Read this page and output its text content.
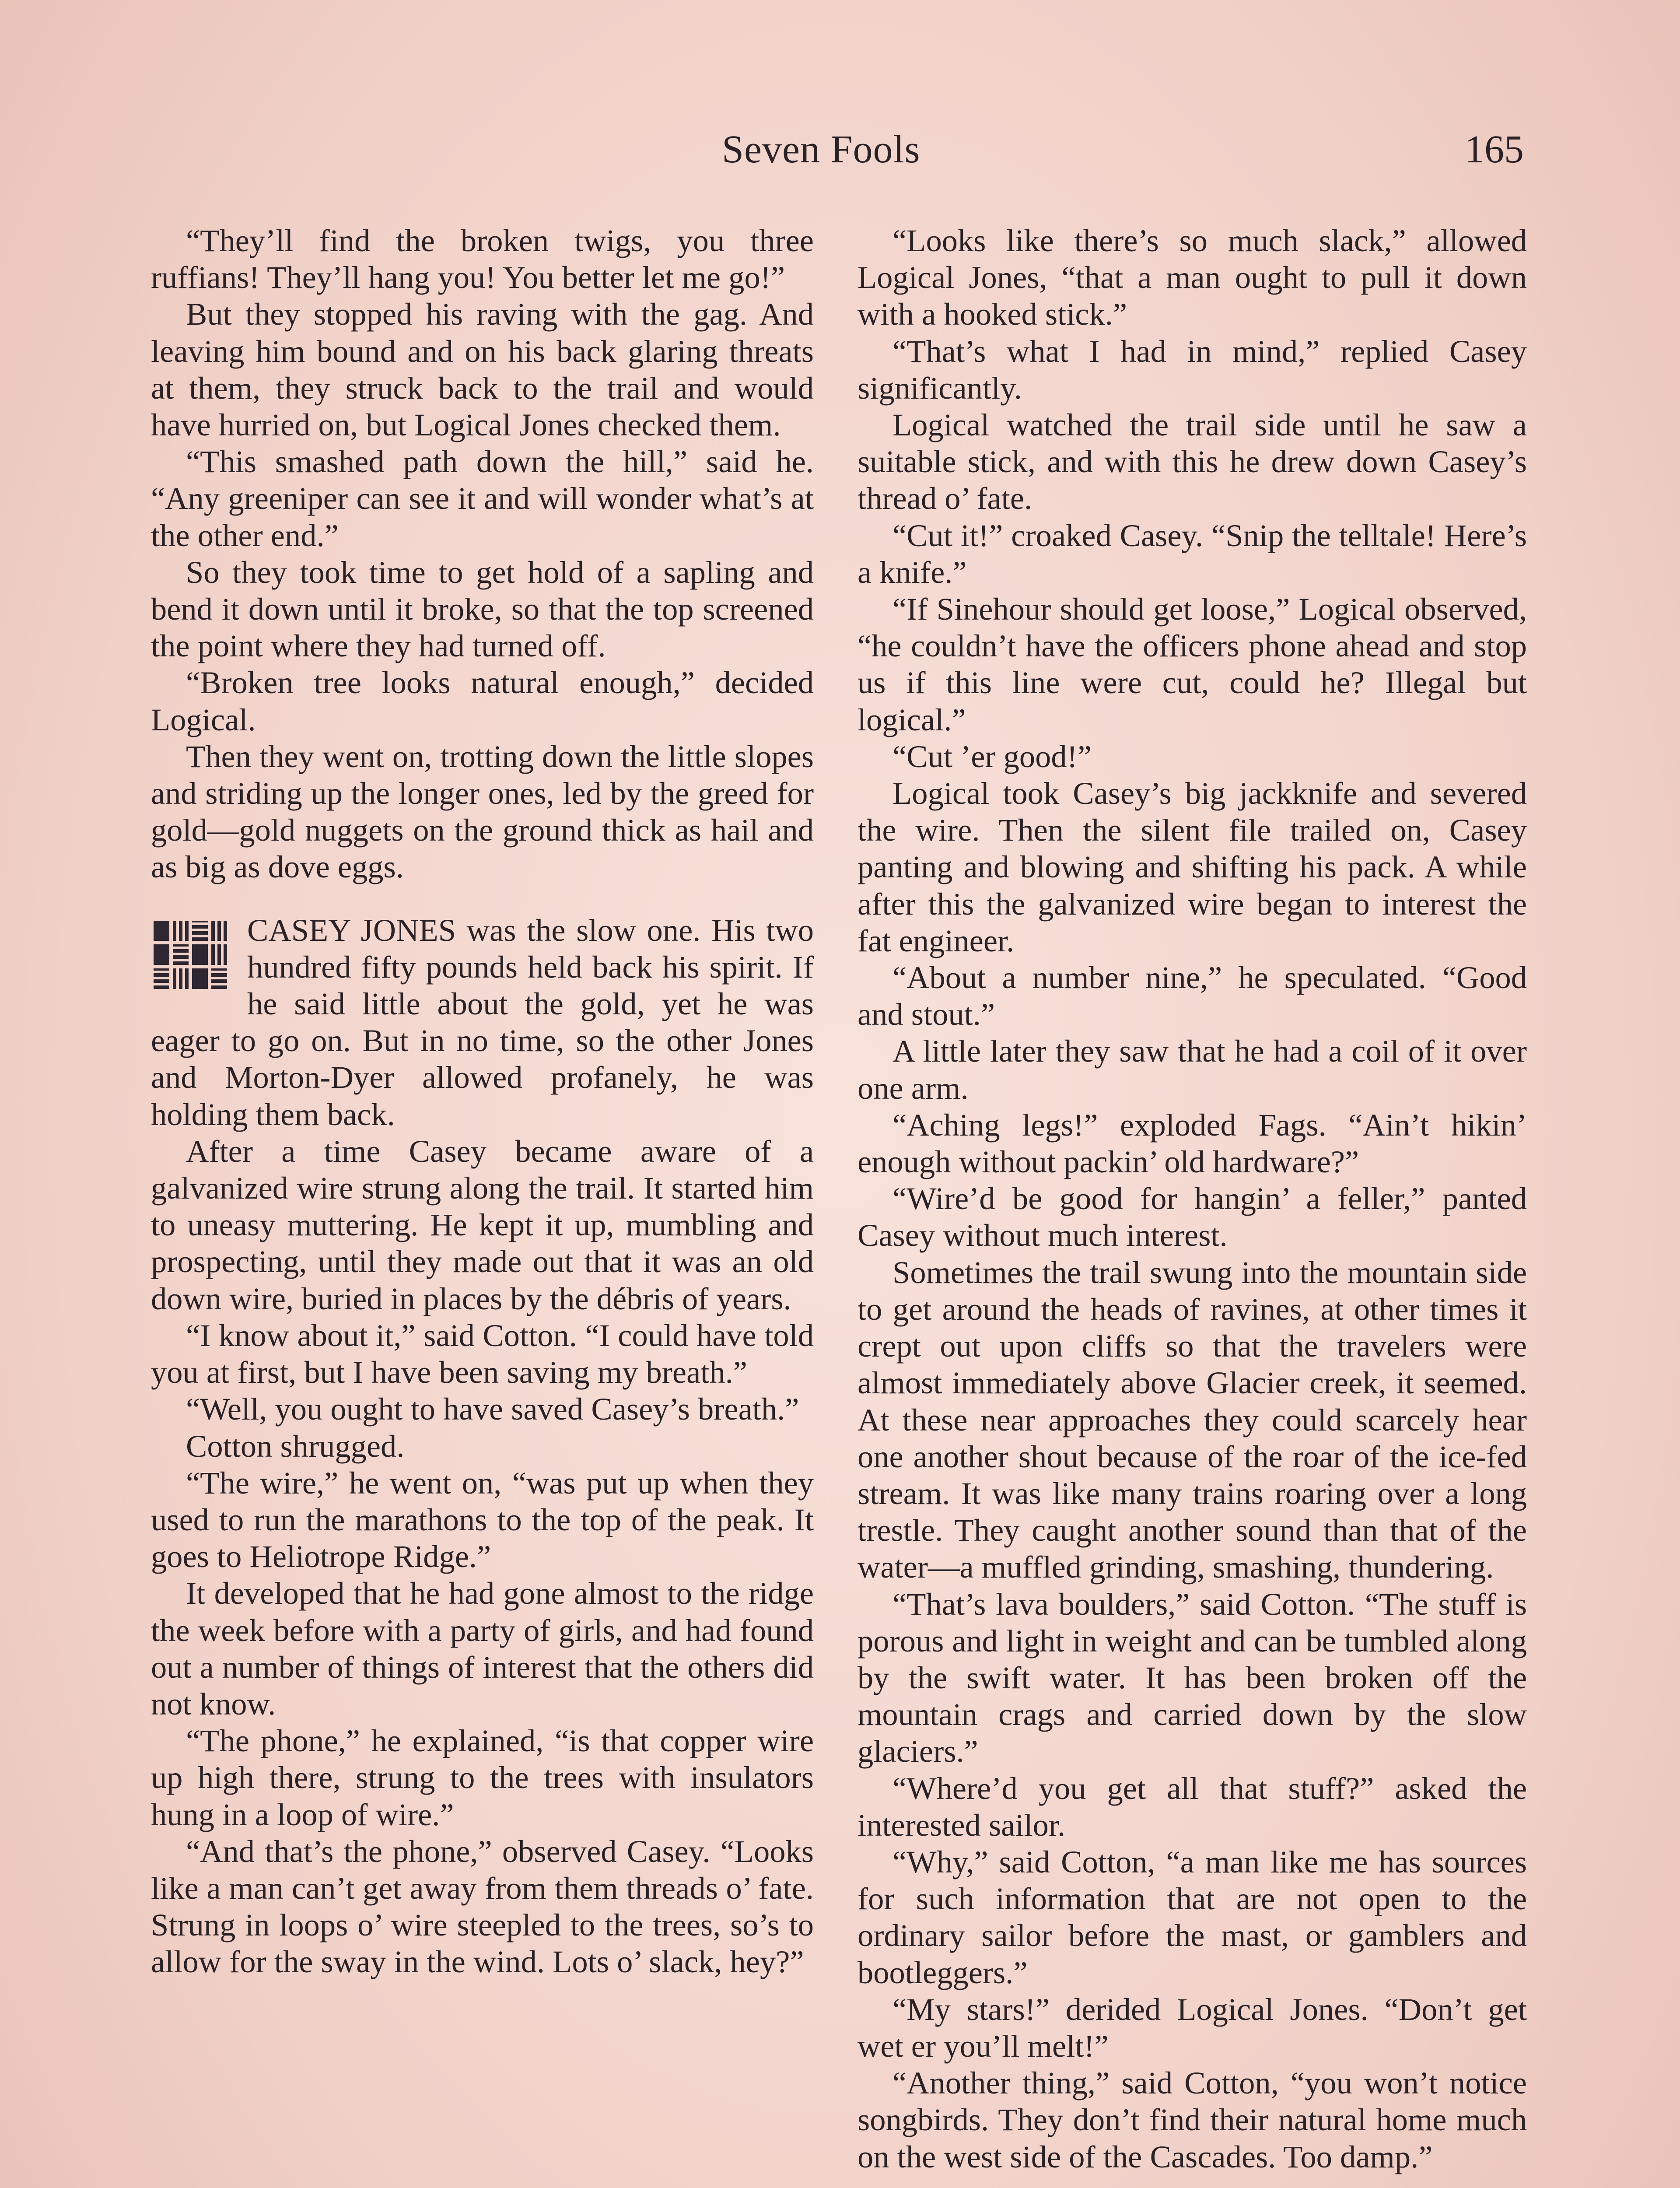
Seven Fools	165

“They’ll find the broken twigs, you three ruffians! They’ll hang you! You better let me go!”

But they stopped his raving with the gag. And leaving him bound and on his back glaring threats at them, they struck back to the trail and would have hurried on, but Logical Jones checked them.

“This smashed path down the hill,” said he. “Any greeniper can see it and will wonder what’s at the other end.”

So they took time to get hold of a sapling and bend it down until it broke, so that the top screened the point where they had turned off.

“Broken tree looks natural enough,” decided Logical.

Then they went on, trotting down the little slopes and striding up the longer ones, led by the greed for gold—gold nuggets on the ground thick as hail and as big as dove eggs.

CASEY JONES was the slow one. His two hundred fifty pounds held back his spirit. If he said little about the gold, yet he was eager to go on. But in no time, so the other Jones and Morton-Dyer allowed profanely, he was holding them back.

After a time Casey became aware of a galvanized wire strung along the trail. It started him to uneasy muttering. He kept it up, mumbling and prospecting, until they made out that it was an old down wire, buried in places by the débris of years.

“I know about it,” said Cotton. “I could have told you at first, but I have been saving my breath.”

“Well, you ought to have saved Casey’s breath.”

Cotton shrugged.

“The wire,” he went on, “was put up when they used to run the marathons to the top of the peak. It goes to Heliotrope Ridge.”

It developed that he had gone almost to the ridge the week before with a party of girls, and had found out a number of things of interest that the others did not know.

“The phone,” he explained, “is that copper wire up high there, strung to the trees with insulators hung in a loop of wire.”

“And that’s the phone,” observed Casey. “Looks like a man can’t get away from them threads o’ fate. Strung in loops o’ wire steepled to the trees, so’s to allow for the sway in the wind. Lots o’ slack, hey?”

“Looks like there’s so much slack,” allowed Logical Jones, “that a man ought to pull it down with a hooked stick.”

“That’s what I had in mind,” replied Casey significantly.

Logical watched the trail side until he saw a suitable stick, and with this he drew down Casey’s thread o’ fate.

“Cut it!” croaked Casey. “Snip the telltale! Here’s a knife.”

“If Sinehour should get loose,” Logical observed, “he couldn’t have the officers phone ahead and stop us if this line were cut, could he? Illegal but logical.”

“Cut ’er good!”

Logical took Casey’s big jackknife and severed the wire. Then the silent file trailed on, Casey panting and blowing and shifting his pack. A while after this the galvanized wire began to interest the fat engineer.

“About a number nine,” he speculated. “Good and stout.”

A little later they saw that he had a coil of it over one arm.

“Aching legs!” exploded Fags. “Ain’t hikin’ enough without packin’ old hardware?”

“Wire’d be good for hangin’ a feller,” panted Casey without much interest.

Sometimes the trail swung into the mountain side to get around the heads of ravines, at other times it crept out upon cliffs so that the travelers were almost immediately above Glacier creek, it seemed. At these near approaches they could scarcely hear one another shout because of the roar of the ice-fed stream. It was like many trains roaring over a long trestle. They caught another sound than that of the water—a muffled grinding, smashing, thundering.

“That’s lava boulders,” said Cotton. “The stuff is porous and light in weight and can be tumbled along by the swift water. It has been broken off the mountain crags and carried down by the slow glaciers.”

“Where’d you get all that stuff?” asked the interested sailor.

“Why,” said Cotton, “a man like me has sources for such information that are not open to the ordinary sailor before the mast, or gamblers and bootleggers.”

“My stars!” derided Logical Jones. “Don’t get wet er you’ll melt!”

“Another thing,” said Cotton, “you won’t notice songbirds. They don’t find their natural home much on the west side of the Cascades. Too damp.”
